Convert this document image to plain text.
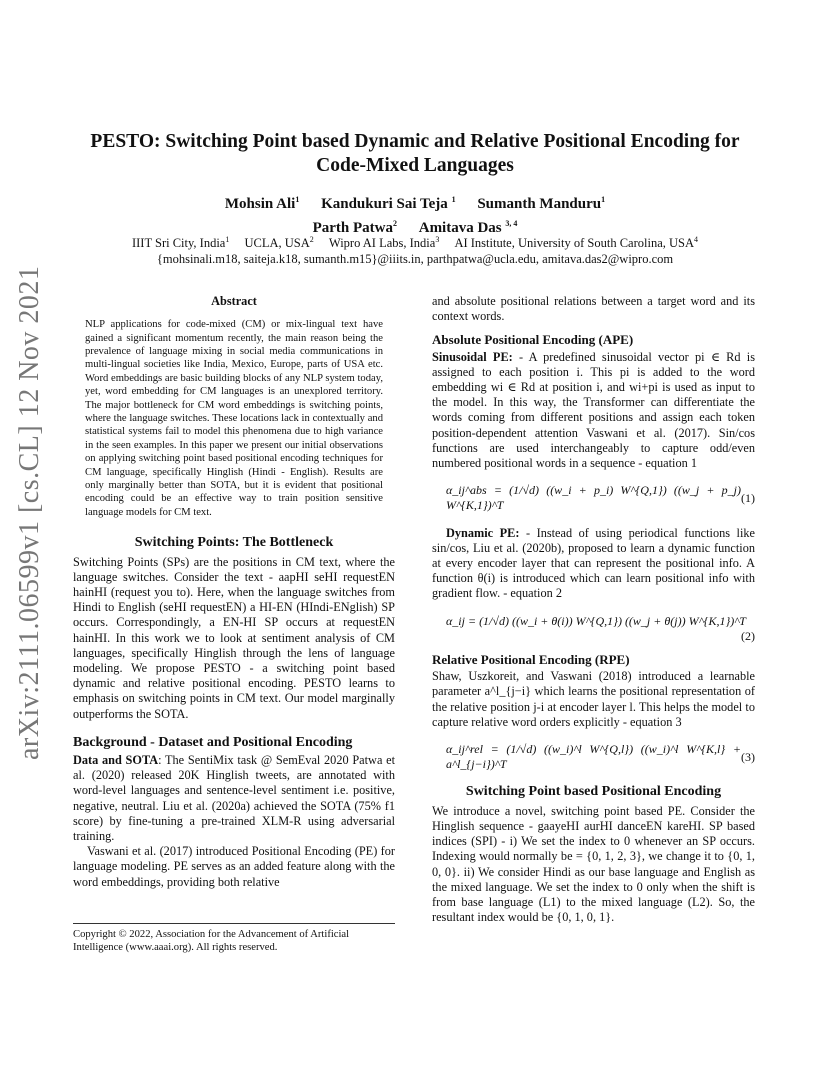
arXiv:2111.06599v1 [cs.CL] 12 Nov 2021
PESTO: Switching Point based Dynamic and Relative Positional Encoding for
Code-Mixed Languages
Mohsin Ali$^1$ Kandukuri Sai Teja $^1$ Sumanth Manduru$^1$
Parth Patwa$^2$ Amitava Das $^{3, 4}$
IIIT Sri City, India$^1$ UCLA, USA$^2$ Wipro AI Labs, India$^3$ AI Institute, University of South Carolina, USA$^4$
{mohsinali.m18, saiteja.k18, sumanth.m15}@iiits.in, parthpatwa@ucla.edu, amitava.das2@wipro.com
Abstract
NLP applications for code-mixed (CM) or mix-lingual text have gained a significant momentum recently, the main reason being the prevalence of language mixing in social media communications in multi-lingual societies like India, Mexico, Europe, parts of USA etc. Word embeddings are basic building blocks of any NLP system today, yet, word embedding for CM languages is an unexplored territory. The major bottleneck for CM word embeddings is switching points, where the language switches. These locations lack in contextually and statistical systems fail to model this phenomena due to high variance in the seen examples. In this paper we present our initial observations on applying switching point based positional encoding techniques for CM language, specifically Hinglish (Hindi - English). Results are only marginally better than SOTA, but it is evident that positional encoding could be an effective way to train position sensitive language models for CM text.
Switching Points: The Bottleneck

Switching Points (SPs) are the positions in CM text, where the language switches. Consider the text - aapHI seHI requestEN hainHI (request you to). Here, when the language switches from Hindi to English (seHI requestEN) a HI-EN (HIndi-ENglish) SP occurs. Correspondingly, a EN-HI SP occurs at requestEN hainHI. In this work we to look at sentiment analysis of CM languages, specifically Hinglish through the lens of language modeling. We propose PESTO - a switching point based dynamic and relative positional encoding. PESTO learns to emphasis on switching points in CM text. Our model marginally outperforms the SOTA.

Background - Dataset and Positional Encoding

Data and SOTA: The SentiMix task @ SemEval 2020 Patwa et al. (2020) released 20K Hinglish tweets, are annotated with word-level languages and sentence-level sentiment i.e. positive, negative, neutral. Liu et al. (2020a) achieved the SOTA (75% f1 score) by fine-tuning a pre-trained XLM-R using adversarial training.

Vaswani et al. (2017) introduced Positional Encoding (PE) for language modeling. PE serves as an added feature along with the word embeddings, providing both relative

Copyright © 2022, Association for the Advancement of Artificial Intelligence (www.aaai.org). All rights reserved.

and absolute positional relations between a target word and its context words.

Absolute Positional Encoding (APE)

Sinusoidal PE: - A predefined sinusoidal vector pi ∈ Rd is assigned to each position i. This pi is added to the word embedding wi ∈ Rd at position i, and wi+pi is used as input to the model. In this way, the Transformer can differentiate the words coming from different positions and assign each token position-dependent attention Vaswani et al. (2017). Sin/cos functions are used interchangeably to capture odd/even numbered positional words in a sequence - equation 1

α_ij^abs = (1/√d) ((w_i + p_i) W^{Q,1}) ((w_j + p_j) W^{K,1})^T
(1)

Dynamic PE: - Instead of using periodical functions like sin/cos, Liu et al. (2020b), proposed to learn a dynamic function at every encoder layer that can represent the positional info. A function θ(i) is introduced which can learn positional info with gradient flow. - equation 2

α_ij = (1/√d) ((w_i + θ(i)) W^{Q,1}) ((w_j + θ(j)) W^{K,1})^T
(2)
Relative Positional Encoding (RPE)

Shaw, Uszkoreit, and Vaswani (2018) introduced a learnable parameter a^l_{j−i} which learns the positional representation of the relative position j-i at encoder layer l. This helps the model to capture relative word orders explicitly - equation 3

α_ij^rel = (1/√d) ((w_i)^l W^{Q,l}) ((w_i)^l W^{K,l} + a^l_{j−i})^T
(3)
Switching Point based Positional Encoding

We introduce a novel, switching point based PE. Consider the Hinglish sequence - gaayeHI aurHI danceEN kareHI. SP based indices (SPI) - i) We set the index to 0 whenever an SP occurs. Indexing would normally be = {0, 1, 2, 3}, we change it to {0, 1, 0, 0}. ii) We consider Hindi as our base language and English as the mixed language. We set the index to 0 only when the shift is from base language (L1) to the mixed language (L2). So, the resultant index would be {0, 1, 0, 1}.
